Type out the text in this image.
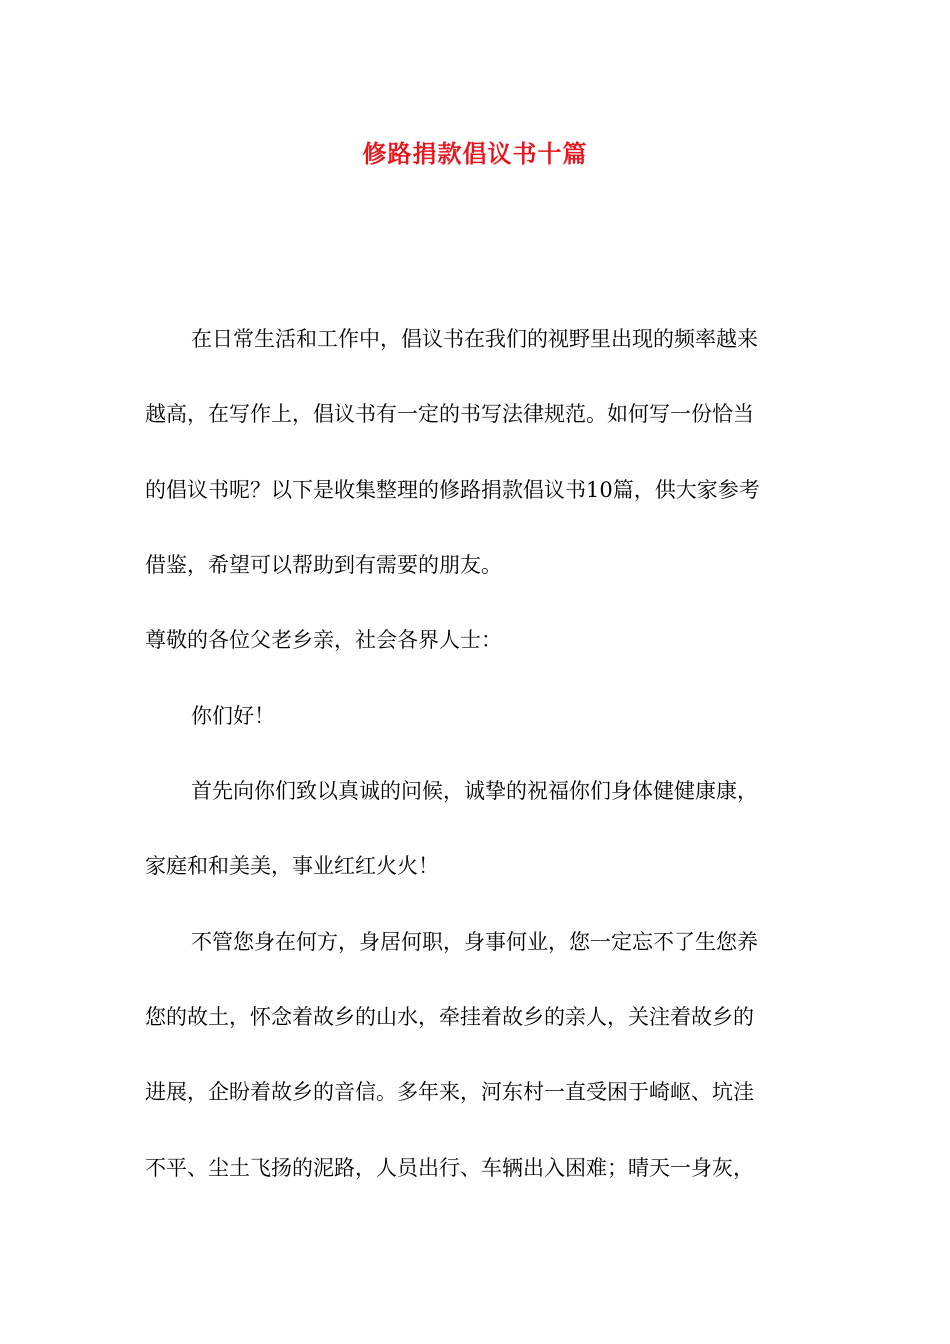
修路捐款倡议书十篇
在日常生活和工作中，倡议书在我们的视野里出现的频率越来
越高，在写作上，倡议书有一定的书写法律规范。如何写一份恰当
的倡议书呢？以下是收集整理的修路捐款倡议书10篇，供大家参考
借鉴，希望可以帮助到有需要的朋友。
尊敬的各位父老乡亲，社会各界人士：
你们好！
首先向你们致以真诚的问候，诚挚的祝福你们身体健健康康，
家庭和和美美，事业红红火火！
不管您身在何方，身居何职，身事何业，您一定忘不了生您养
您的故土，怀念着故乡的山水，牵挂着故乡的亲人，关注着故乡的
进展，企盼着故乡的音信。多年来，河东村一直受困于崎岖、坑洼
不平、尘土飞扬的泥路，人员出行、车辆出入困难；晴天一身灰，
